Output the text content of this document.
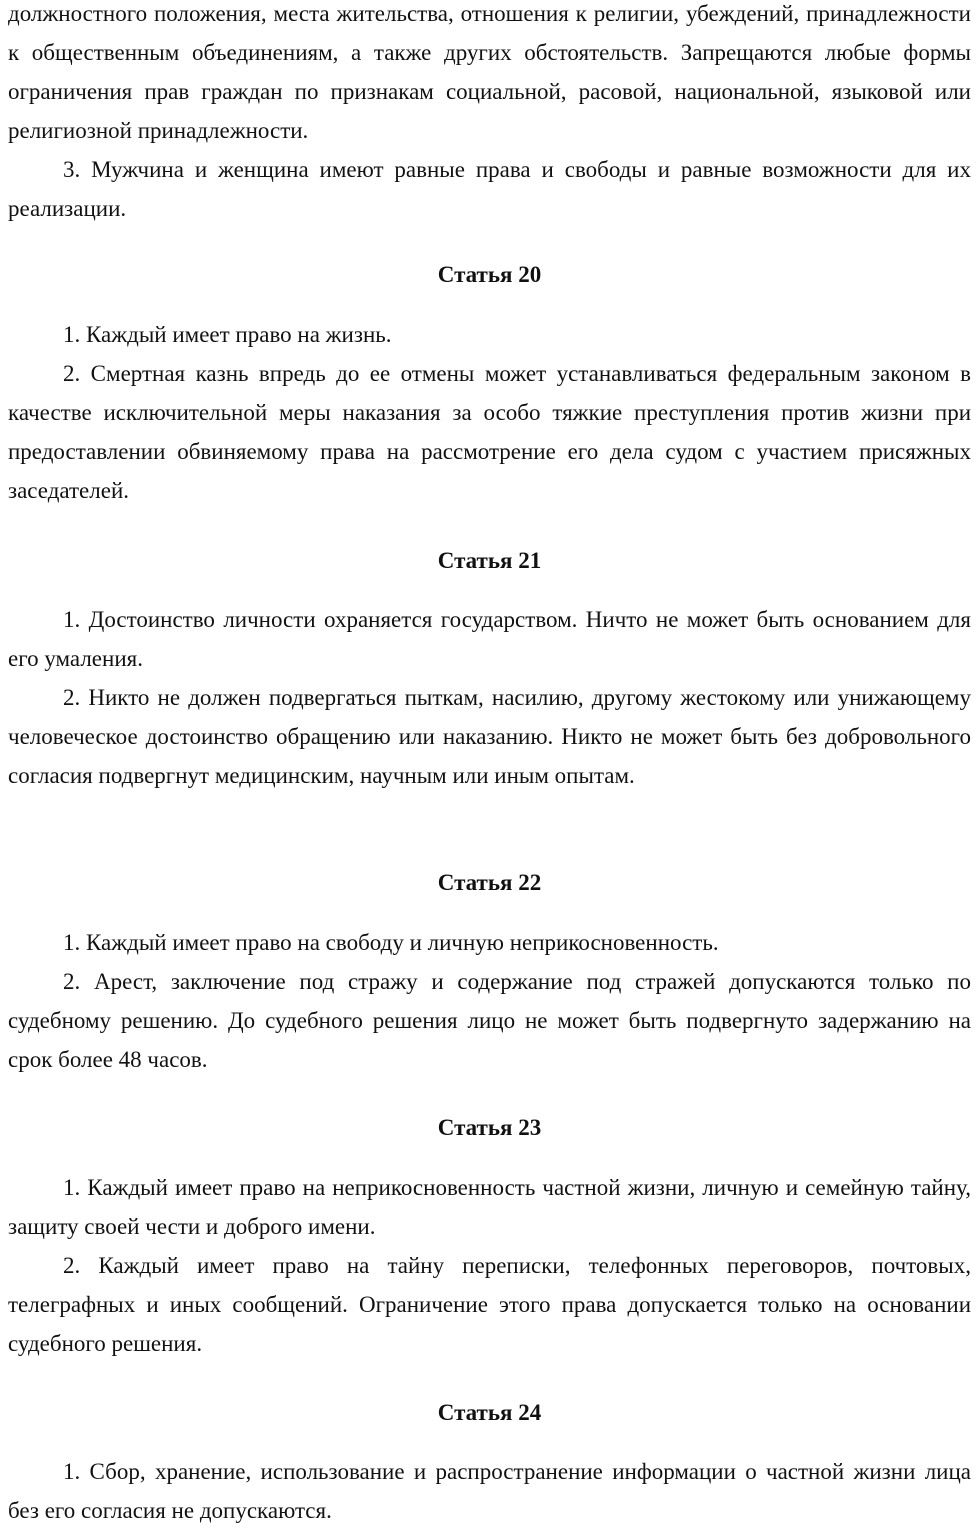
должностного положения, места жительства, отношения к религии, убеждений, принадлежности к общественным объединениям, а также других обстоятельств. Запрещаются любые формы ограничения прав граждан по признакам социальной, расовой, национальной, языковой или религиозной принадлежности.

3. Мужчина и женщина имеют равные права и свободы и равные возможности для их реализации.

Статья 20

1. Каждый имеет право на жизнь.

2. Смертная казнь впредь до ее отмены может устанавливаться федеральным законом в качестве исключительной меры наказания за особо тяжкие преступления против жизни при предоставлении обвиняемому права на рассмотрение его дела судом с участием присяжных заседателей.

Статья 21

1. Достоинство личности охраняется государством. Ничто не может быть основанием для его умаления.

2. Никто не должен подвергаться пыткам, насилию, другому жестокому или унижающему человеческое достоинство обращению или наказанию. Никто не может быть без добровольного согласия подвергнут медицинским, научным или иным опытам.

Статья 22

1. Каждый имеет право на свободу и личную неприкосновенность.

2. Арест, заключение под стражу и содержание под стражей допускаются только по судебному решению. До судебного решения лицо не может быть подвергнуто задержанию на срок более 48 часов.

Статья 23

1. Каждый имеет право на неприкосновенность частной жизни, личную и семейную тайну, защиту своей чести и доброго имени.

2. Каждый имеет право на тайну переписки, телефонных переговоров, почтовых, телеграфных и иных сообщений. Ограничение этого права допускается только на основании судебного решения.

Статья 24

1. Сбор, хранение, использование и распространение информации о частной жизни лица без его согласия не допускаются.
